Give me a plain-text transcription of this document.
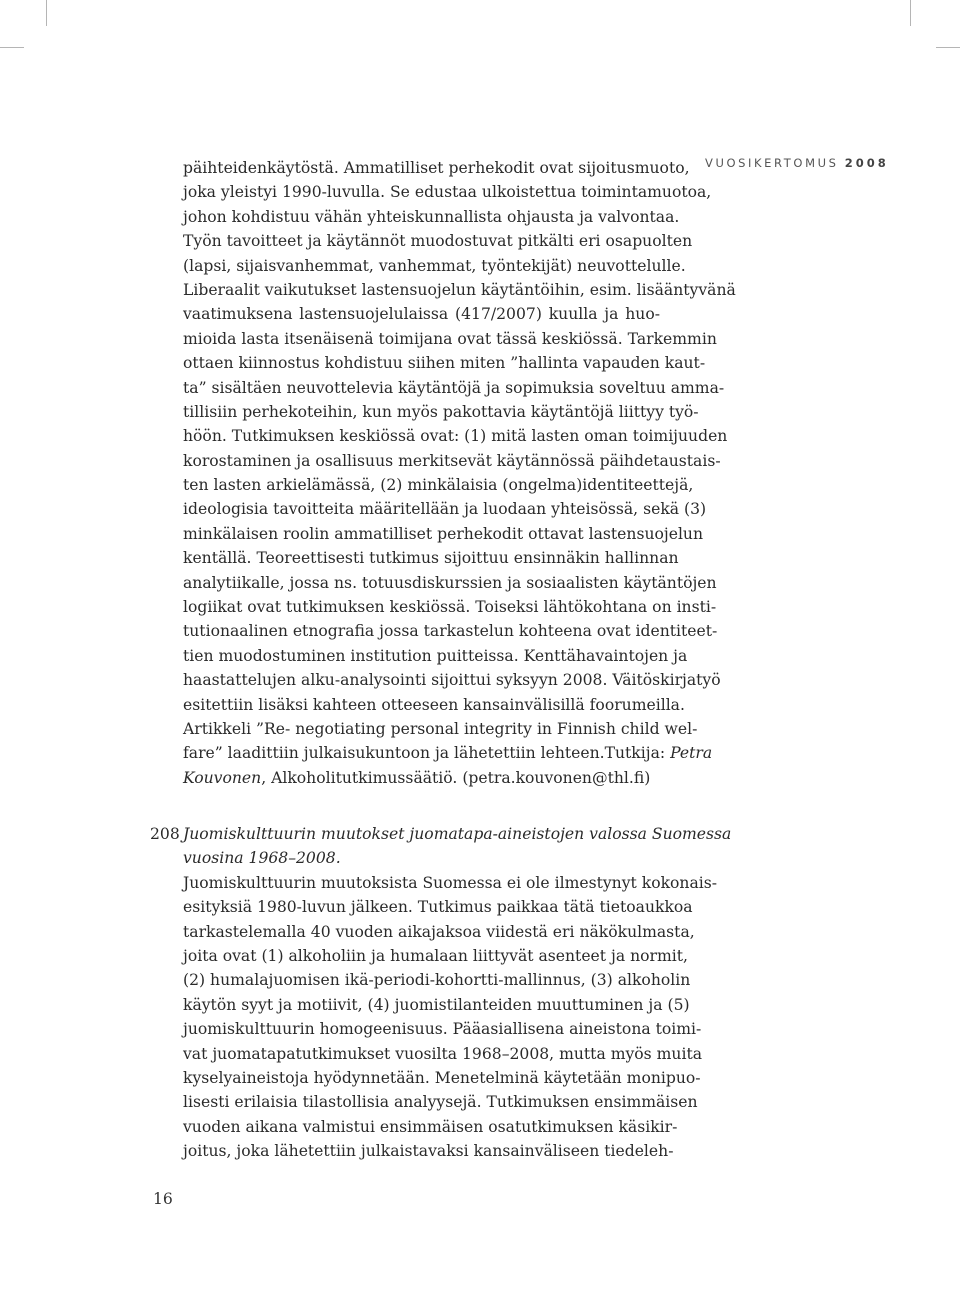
VUOSIKERTOMUS 2008
päihteidenkäytöstä. Ammatilliset perhekodit ovat sijoitusmuoto,
joka yleistyi 1990-luvulla. Se edustaa ulkoistettua toimintamuotoa,
johon kohdistuu vähän yhteiskunnallista ohjausta ja valvontaa.
Työn tavoitteet ja käytännöt muodostuvat pitkälti eri osapuolten
(lapsi, sijaisvanhemmat, vanhemmat, työntekijät) neuvottelulle.
Liberaalit vaikutukset lastensuojelun käytäntöihin, esim. lisääntyvänä
vaatimuksena lastensuojelulaissa (417/2007) kuulla ja huo-
mioida lasta itsenäisenä toimijana ovat tässä keskiössä. Tarkemmin
ottaen kiinnostus kohdistuu siihen miten ”hallinta vapauden kaut-
ta” sisältäen neuvottelevia käytäntöjä ja sopimuksia soveltuu amma-
tillisiin perhekoteihin, kun myös pakottavia käytäntöjä liittyy työ-
höön. Tutkimuksen keskiössä ovat: (1) mitä lasten oman toimijuuden
korostaminen ja osallisuus merkitsevät käytännössä päihdetaustais-
ten lasten arkielämässä, (2) minkälaisia (ongelma)identiteettejä,
ideologisia tavoitteita määritellään ja luodaan yhteisössä, sekä (3)
minkälaisen roolin ammatilliset perhekodit ottavat lastensuojelun
kentällä. Teoreettisesti tutkimus sijoittuu ensinnäkin hallinnan
analytiikalle, jossa ns. totuusdiskurssien ja sosiaalisten käytäntöjen
logiikat ovat tutkimuksen keskiössä. Toiseksi lähtökohtana on insti-
tutionaalinen etnografia jossa tarkastelun kohteena ovat identiteet-
tien muodostuminen institution puitteissa. Kenttähavaintojen ja
haastattelujen alku-analysointi sijoittui syksyyn 2008. Väitöskirjatyö
esitettiin lisäksi kahteen otteeseen kansainvälisillä foorumeilla.
Artikkeli ”Re- negotiating personal integrity in Finnish child wel-
fare” laadittiin julkaisukuntoon ja lähetettiin lehteen.Tutkija: Petra
Kouvonen, Alkoholitutkimussäätiö. (petra.kouvonen@thl.fi)
208 Juomiskulttuurin muutokset juomatapa-aineistojen valossa Suomessa
vuosina 1968–2008.
Juomiskulttuurin muutoksista Suomessa ei ole ilmestynyt kokonais-
esityksiä 1980-luvun jälkeen. Tutkimus paikkaa tätä tietoaukkoa
tarkastelemalla 40 vuoden aikajaksoa viidestä eri näkökulmasta,
joita ovat (1) alkoholiin ja humalaan liittyvät asenteet ja normit,
(2) humalajuomisen ikä-periodi-kohortti-mallinnus, (3) alkoholin
käytön syyt ja motiivit, (4) juomistilanteiden muuttuminen ja (5)
juomiskulttuurin homogeenisuus. Pääasiallisena aineistona toimi-
vat juomatapatutkimukset vuosilta 1968–2008, mutta myös muita
kyselyaineistoja hyödynnetään. Menetelminä käytetään monipuo-
lisesti erilaisia tilastollisia analyysejä. Tutkimuksen ensimmäisen
vuoden aikana valmistui ensimmäisen osatutkimuksen käsikir-
joitus, joka lähetettiin julkaistavaksi kansainväliseen tiedeleh-
16
